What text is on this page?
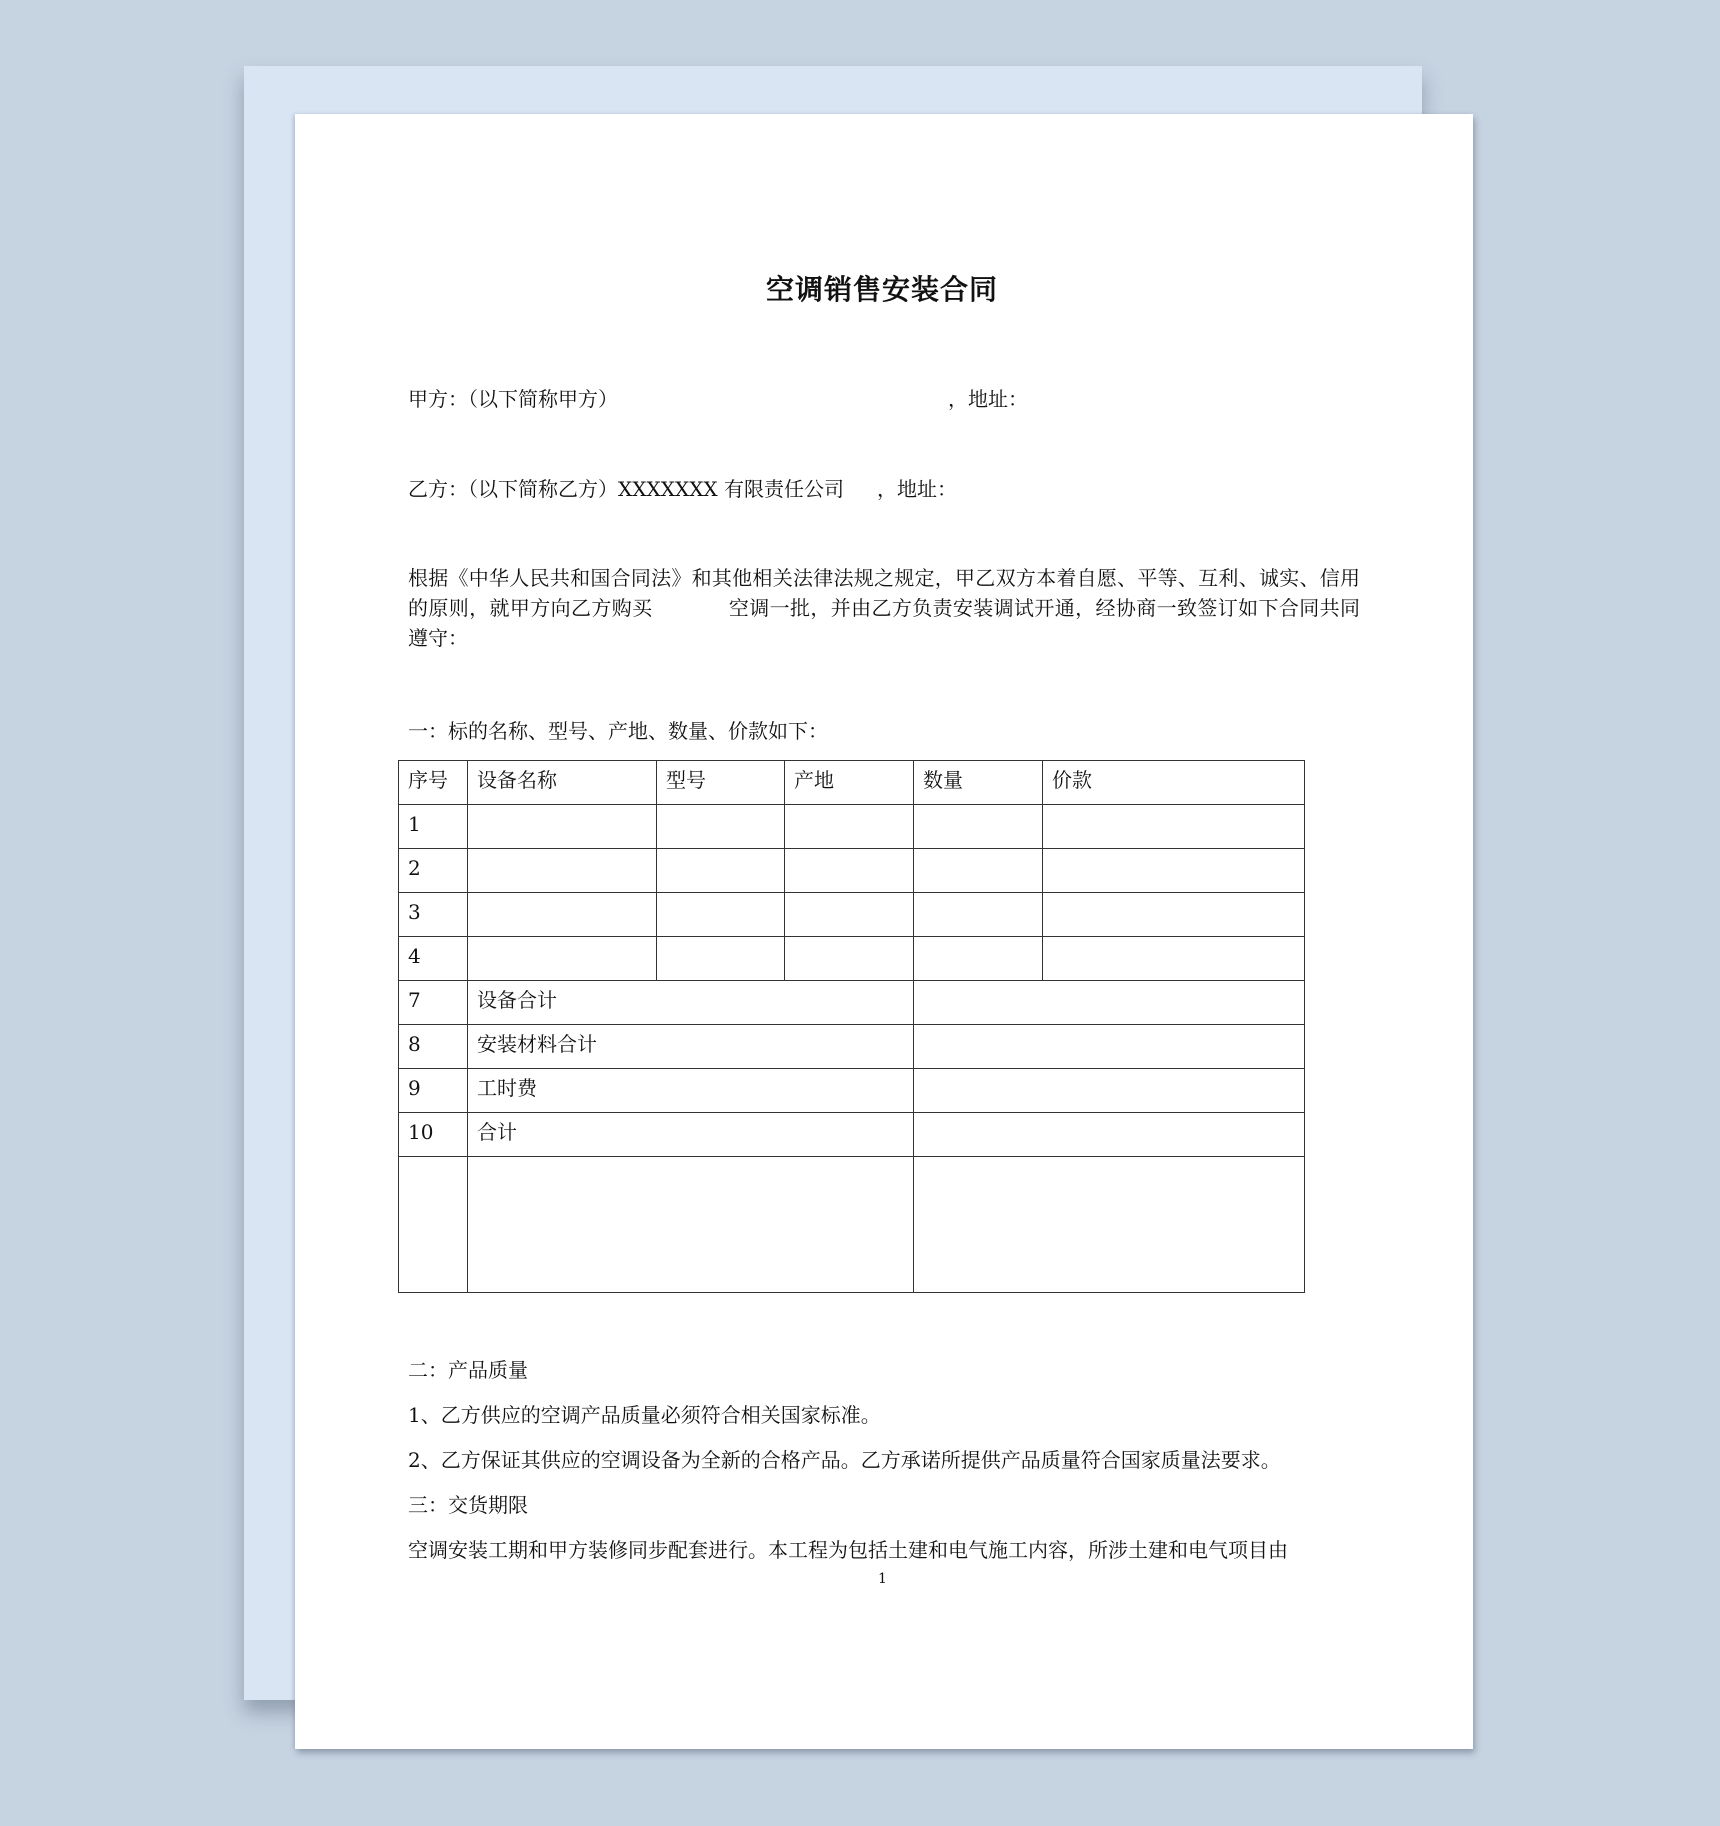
空调销售安装合同
甲方：（以下简称甲方）	，地址：
乙方：（以下简称乙方）XXXXXXX 有限责任公司 ，地址：
根据《中华人民共和国合同法》和其他相关法律法规之规定，甲乙双方本着自愿、平等、互利、诚实、信用的原则，就甲方向乙方购买	空调一批，并由乙方负责安装调试开通，经协商一致签订如下合同共同遵守：
一：标的名称、型号、产地、数量、价款如下：
序号	设备名称	型号	产地	数量	价款
1					
2					
3					
4					
7	设备合计				
8	安装材料合计				
9	工时费				
10	合计				

二：产品质量
1、乙方供应的空调产品质量必须符合相关国家标准。
2、乙方保证其供应的空调设备为全新的合格产品。乙方承诺所提供产品质量符合国家质量法要求。
三：交货期限
空调安装工期和甲方装修同步配套进行。本工程为包括土建和电气施工内容，所涉土建和电气项目由
1
